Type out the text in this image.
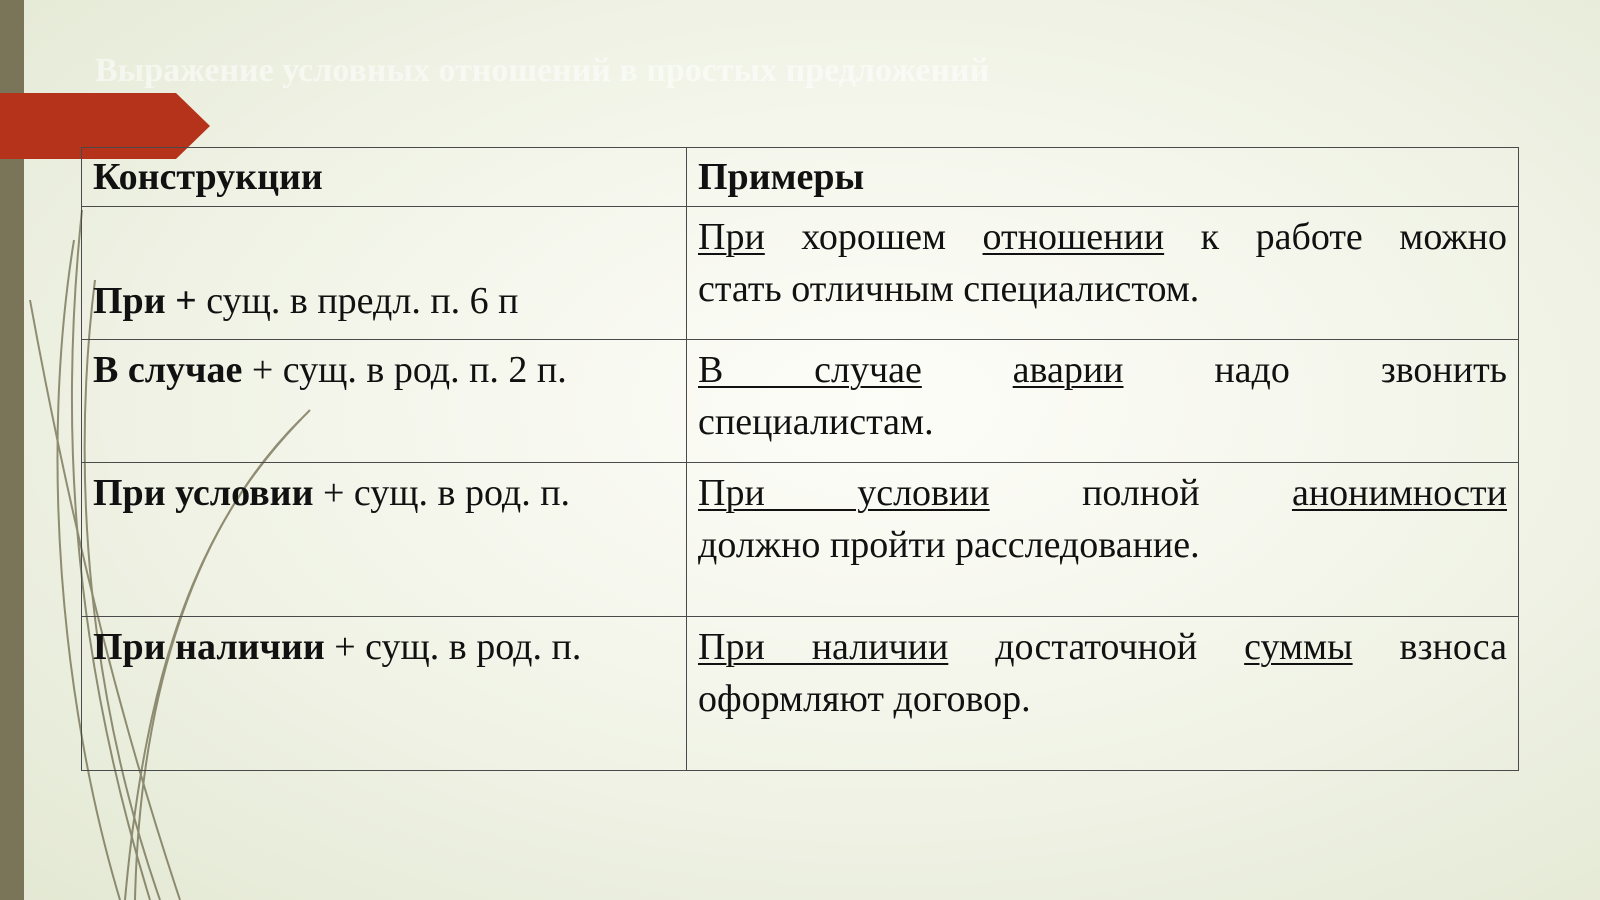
Выражение условных отношений в простых предложений
Конструкции	Примеры
При + сущ. в предл. п. 6 п	При хорошем отношении к работе можно
стать отличным специалистом.

В случае + сущ. в род. п. 2 п.	В случае аварии надо звонить
специалистам.

При условии + сущ. в род. п.	При условии полной анонимности
должно пройти расследование.

При наличии + сущ. в род. п.	При наличии достаточной суммы взноса
оформляют договор.
